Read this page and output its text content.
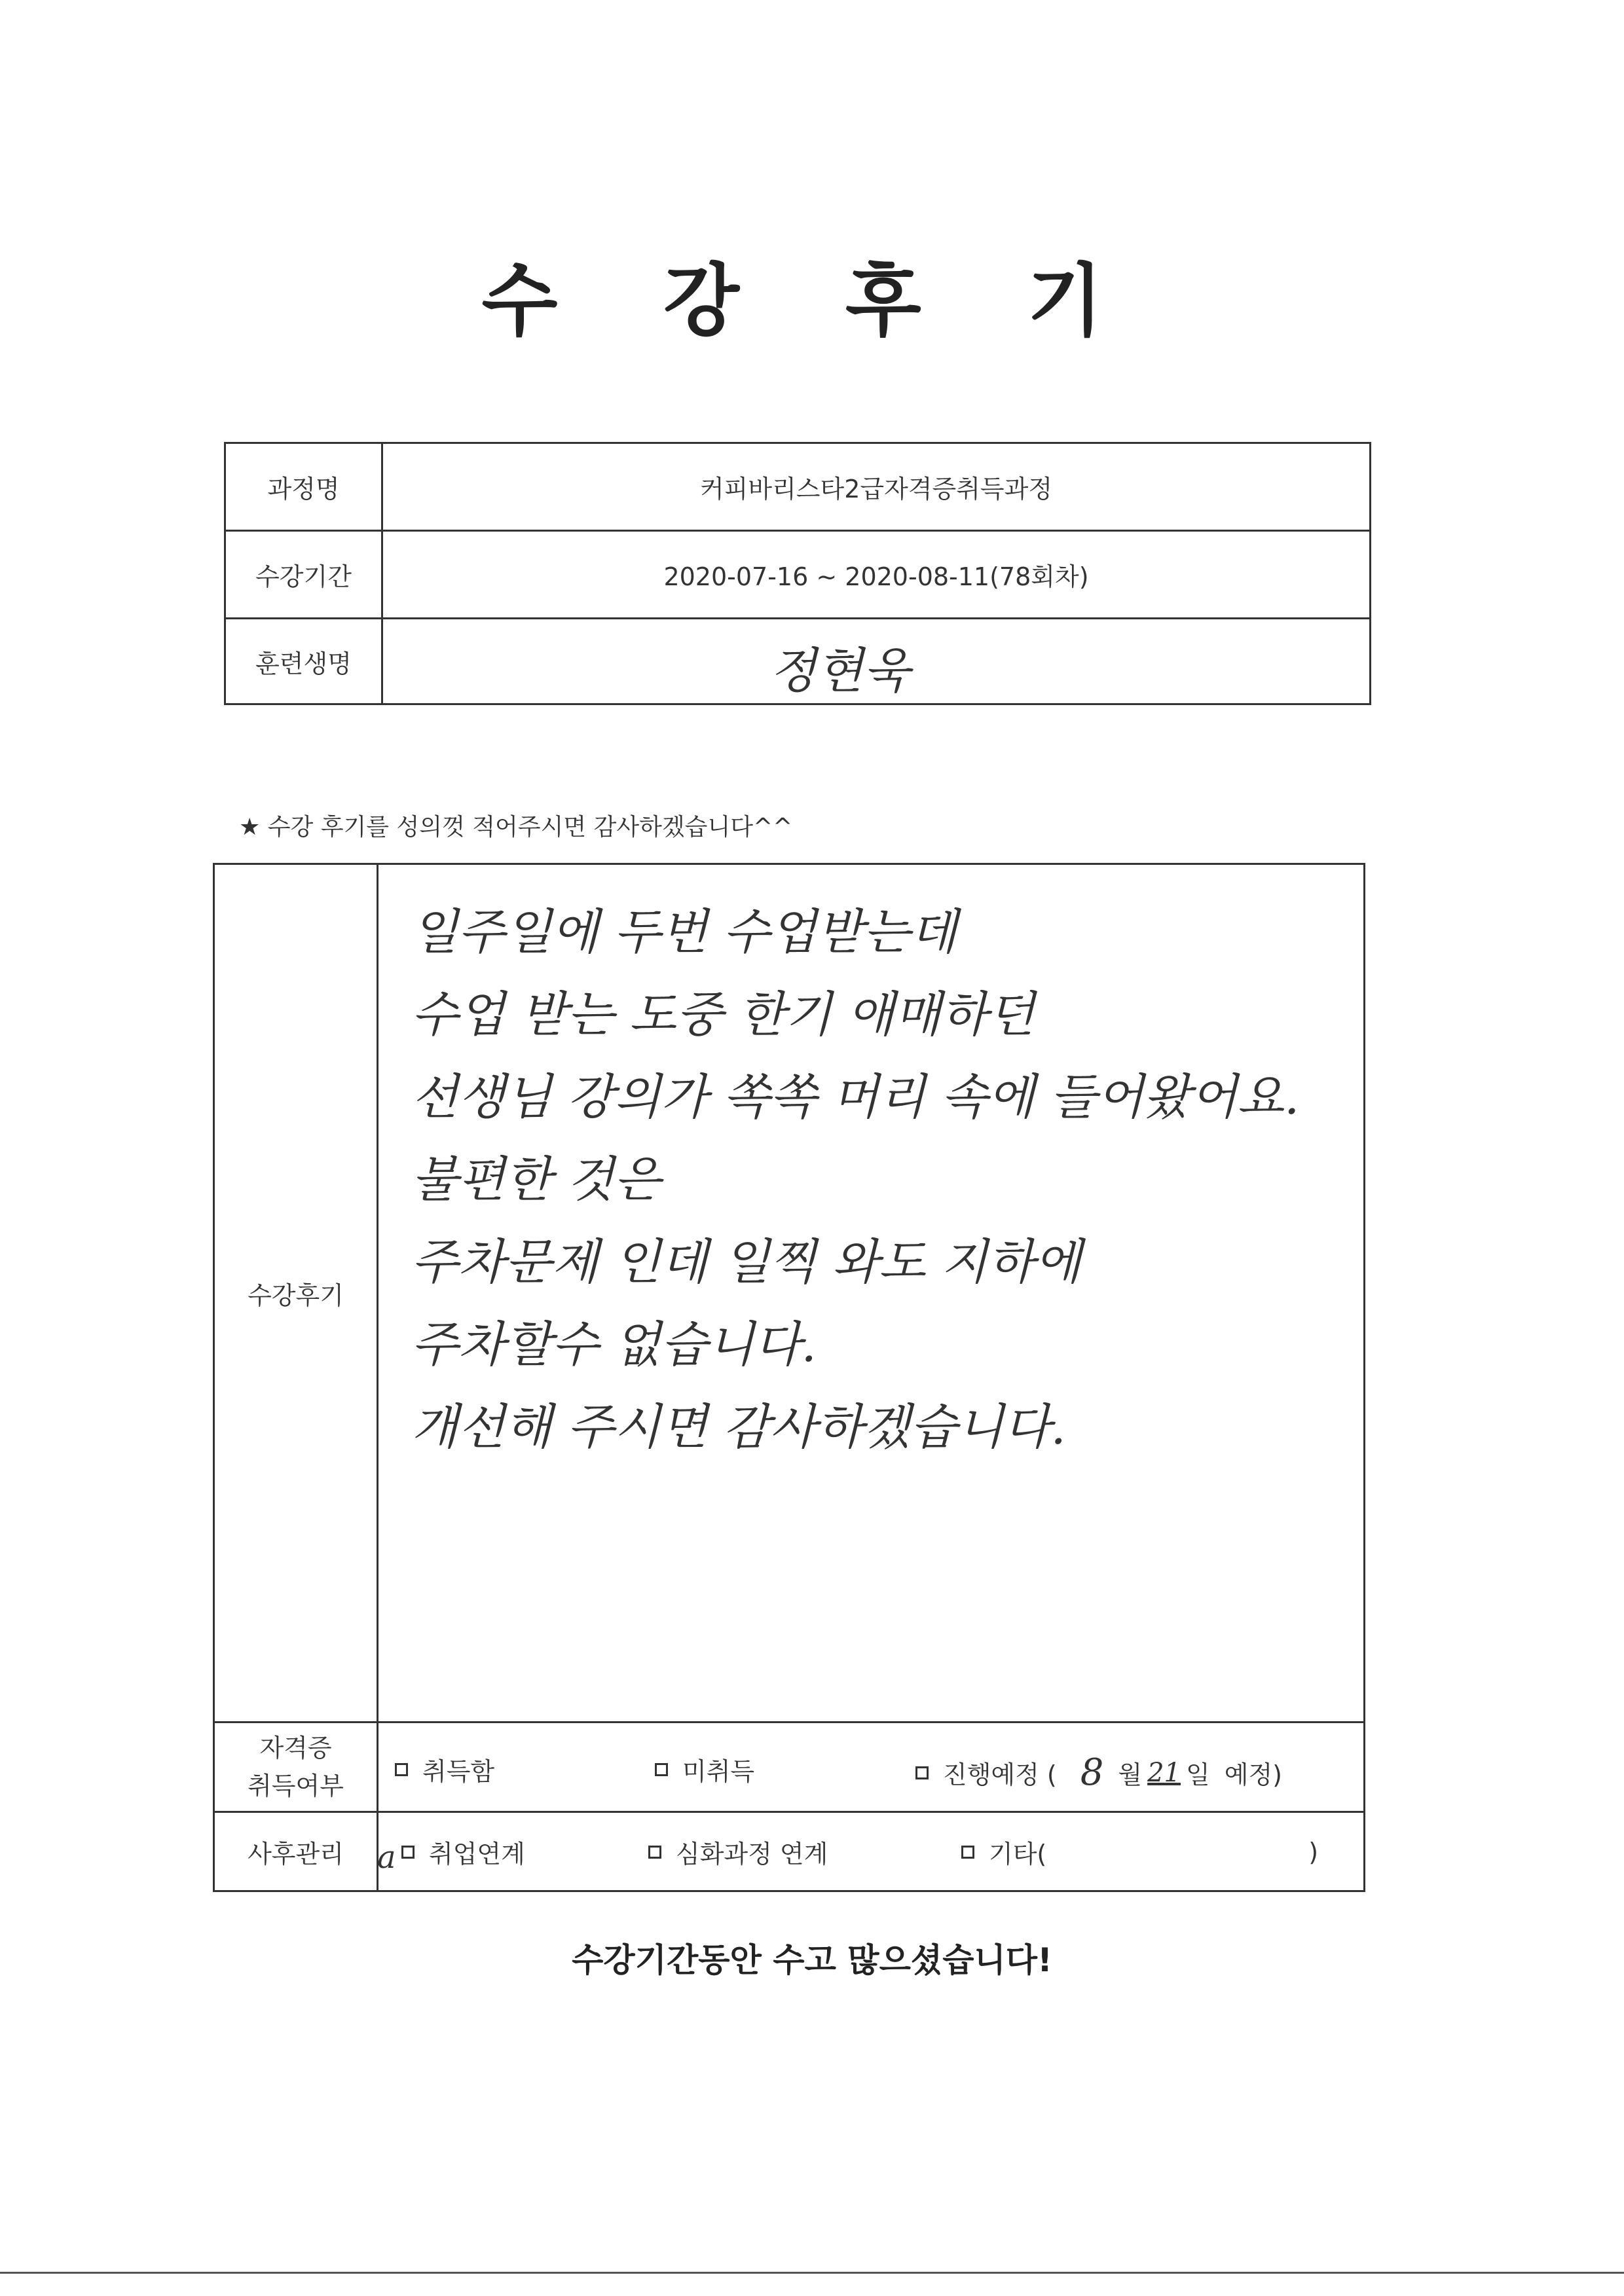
수 강 후 기
과정명	커피바리스타2급자격증취득과정
수강기간	2020-07-16 ~ 2020-08-11(78회차)
훈련생명	정현욱
★ 수강 후기를 성의껏 적어주시면 감사하겠습니다^^
수강후기
일주일에 두번 수업받는데
수업 받는 도중 한기 애매하던
선생님 강의가 쏙쏙 머리 속에 들어왔어요.
불편한 것은
주차문제 인데 일찍 와도 지하에
주차할수 없습니다.
개선해 주시면 감사하겠습니다.
자격증
취득여부	취득함	미취득	진행예정 ( 8 월 21 일 예정)
사후관리	a 취업연계	심화과정 연계	기타(	)
수강기간동안 수고 많으셨습니다!
